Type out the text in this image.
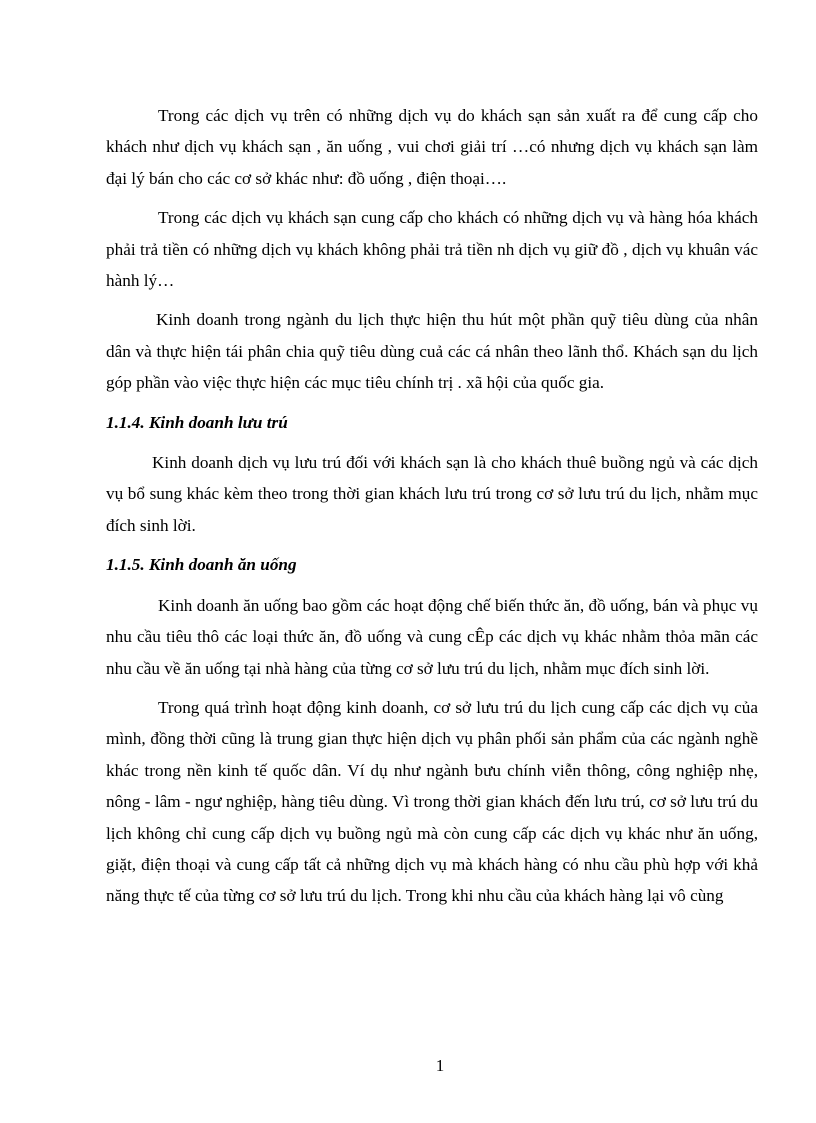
Trong các dịch vụ trên có những dịch vụ do khách sạn sản xuất ra để cung cấp cho khách như dịch vụ khách sạn , ăn uống , vui chơi giải trí …có nhưng dịch vụ khách sạn làm đại lý bán cho các cơ sở khác như: đồ uống , điện thoại….

Trong các dịch vụ khách sạn cung cấp cho khách có những dịch vụ và hàng hóa khách phải trả tiền có những dịch vụ khách không phải trả tiền nh dịch vụ giữ đồ , dịch vụ khuân vác hành lý…

Kinh doanh trong ngành du lịch thực hiện thu hút một phần quỹ tiêu dùng của nhân dân và thực hiện tái phân chia quỹ tiêu dùng cuả các cá nhân theo lãnh thổ. Khách sạn du lịch góp phần vào việc thực hiện các mục tiêu chính trị . xã hội của quốc gia.

1.1.4. Kinh doanh lưu trú

Kinh doanh dịch vụ lưu trú đối với khách sạn là cho khách thuê buồng ngủ và các dịch vụ bổ sung khác kèm theo trong thời gian khách lưu trú trong cơ sở lưu trú du lịch, nhằm mục đích sinh lời.

1.1.5. Kinh doanh ăn uống

Kinh doanh ăn uống bao gồm các hoạt động chế biến thức ăn, đồ uống, bán và phục vụ nhu cầu tiêu thô các loại thức ăn, đồ uống và cung cÊp các dịch vụ khác nhằm thỏa mãn các nhu cầu về ăn uống tại nhà hàng của từng cơ sở lưu trú du lịch, nhằm mục đích sinh lời.

Trong quá trình hoạt động kinh doanh, cơ sở lưu trú du lịch cung cấp các dịch vụ của mình, đồng thời cũng là trung gian thực hiện dịch vụ phân phối sản phẩm của các ngành nghề khác trong nền kinh tế quốc dân. Ví dụ như ngành bưu chính viễn thông, công nghiệp nhẹ, nông - lâm - ngư nghiệp, hàng tiêu dùng. Vì trong thời gian khách đến lưu trú, cơ sở lưu trú du lịch không chỉ cung cấp dịch vụ buồng ngủ mà còn cung cấp các dịch vụ khác như ăn uống, giặt, điện thoại và cung cấp tất cả những dịch vụ mà khách hàng có nhu cầu phù hợp với khả năng thực tế của từng cơ sở lưu trú du lịch. Trong khi nhu cầu của khách hàng lại vô cùng

1
